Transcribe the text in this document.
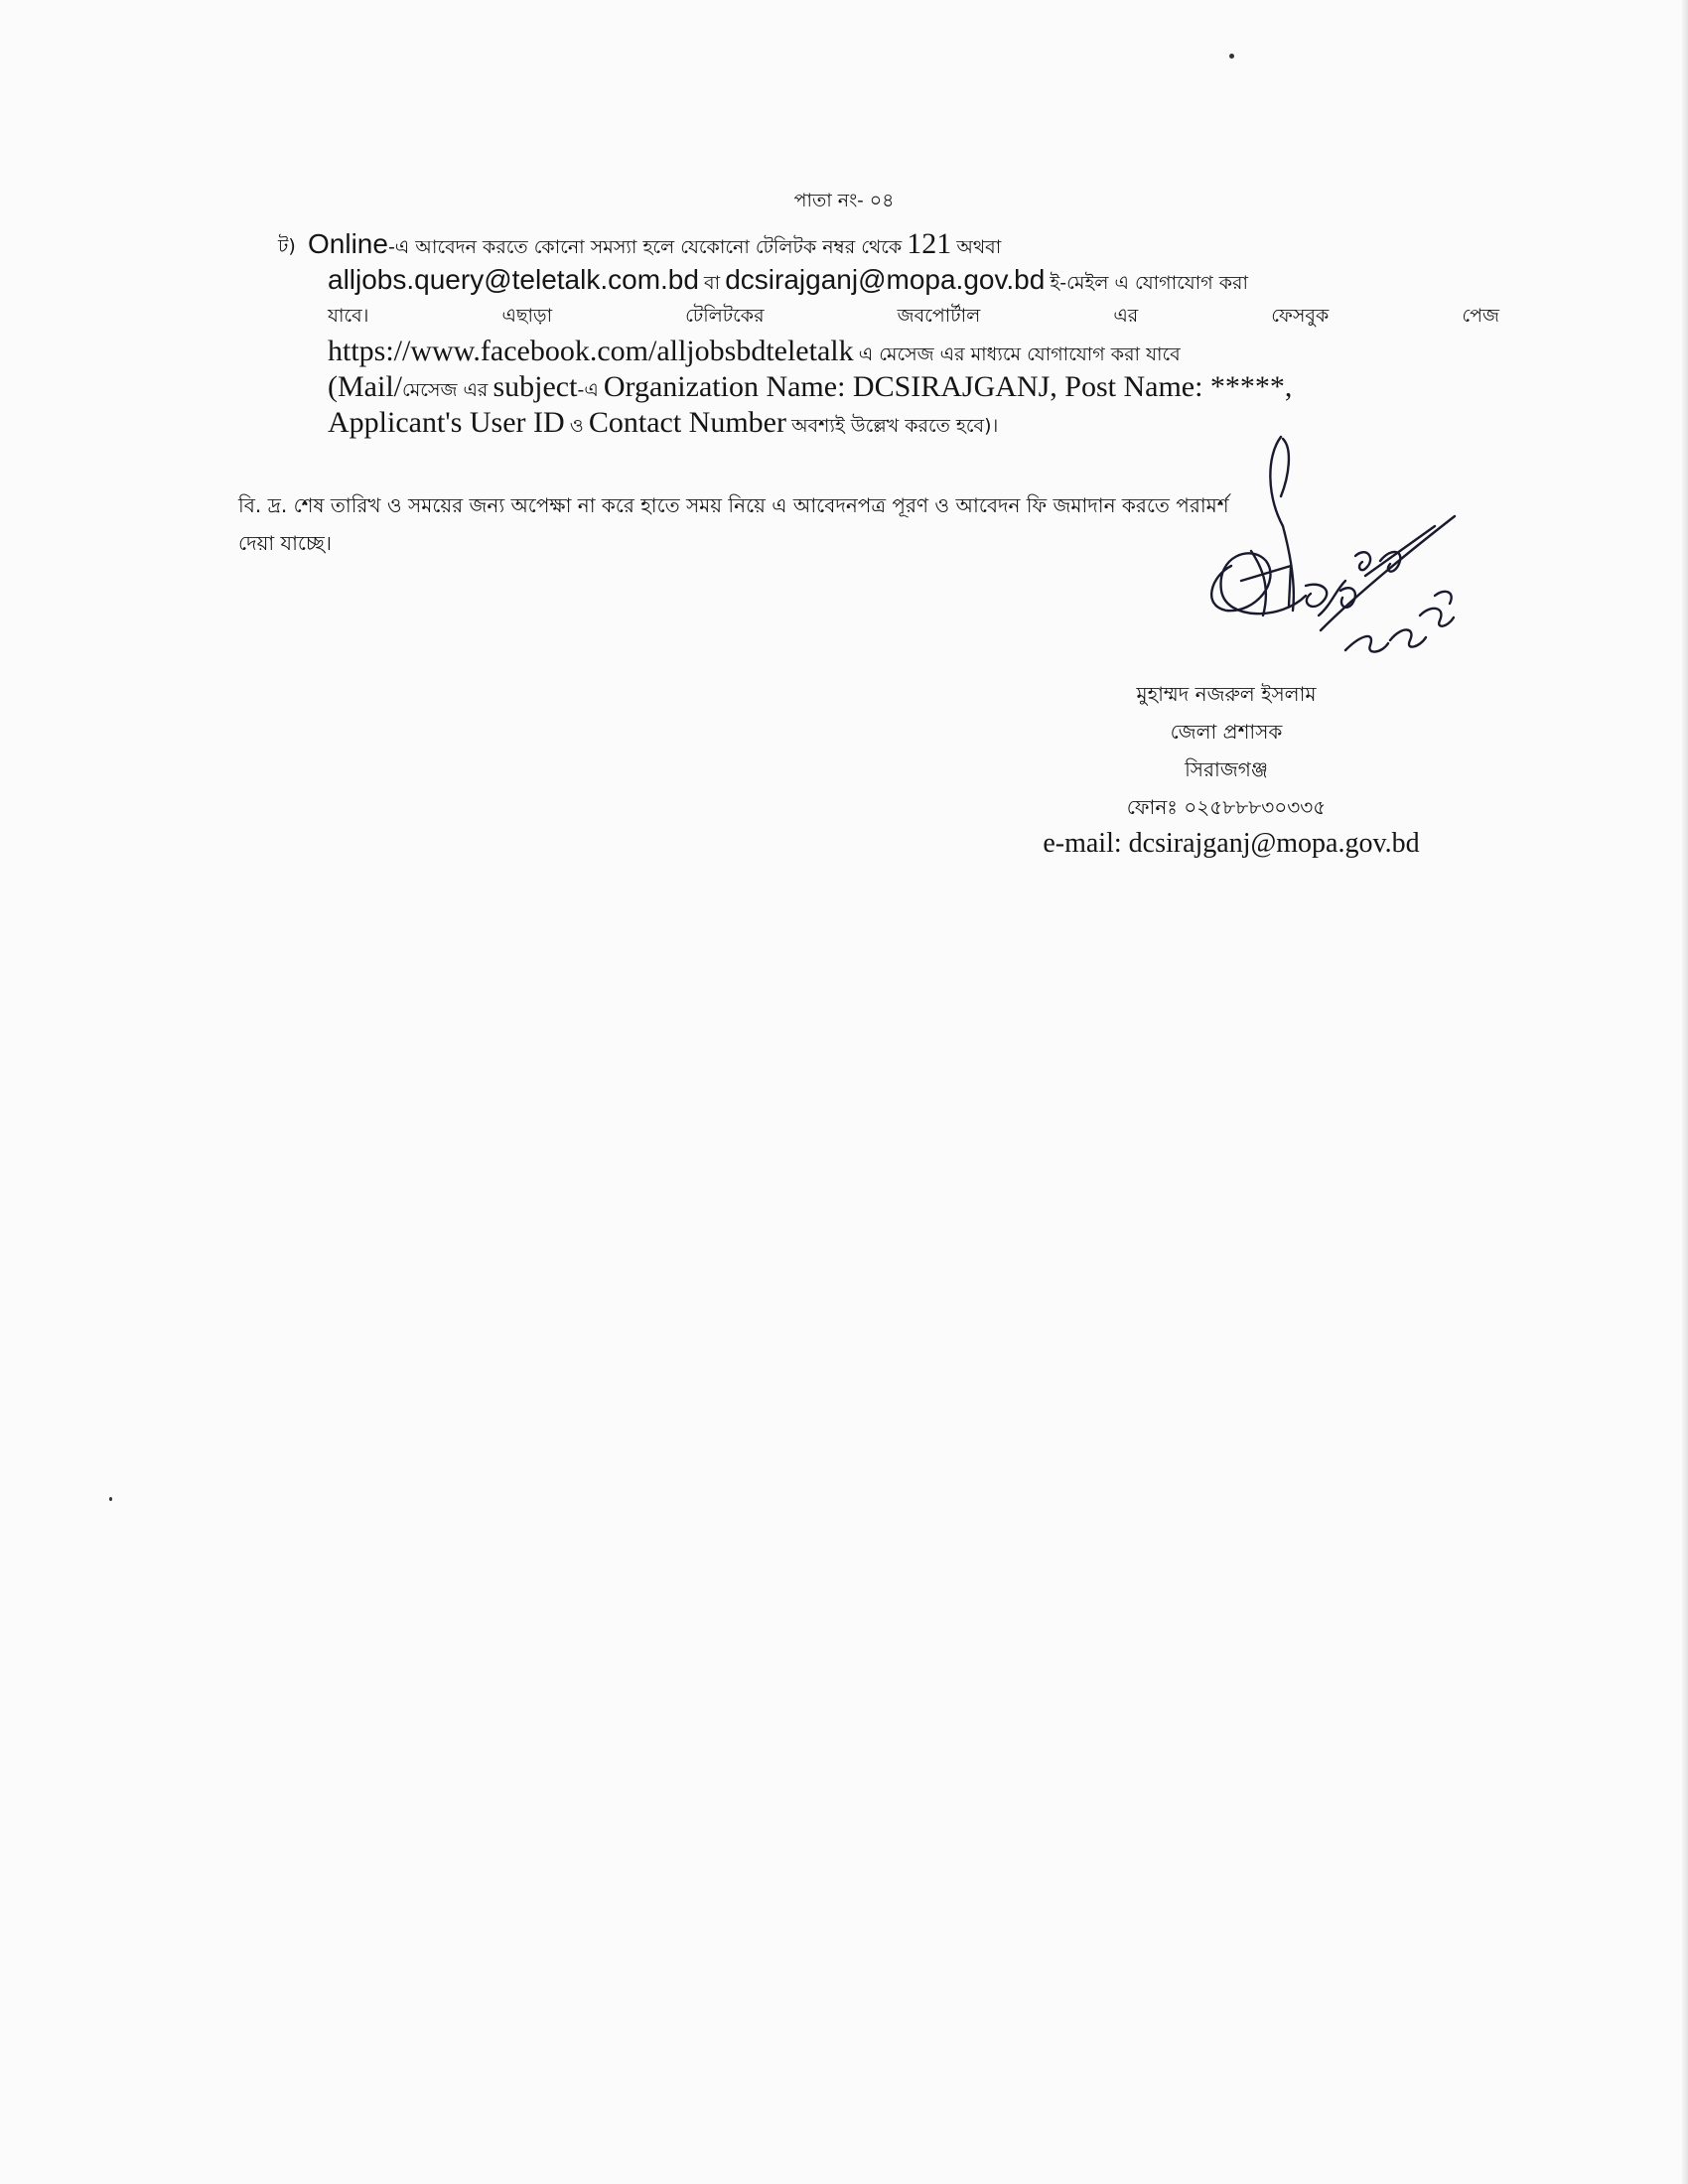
পাতা নং- ০৪
ট) Online-এ আবেদন করতে কোনো সমস্যা হলে যেকোনো টেলিটক নম্বর থেকে 121 অথবা
alljobs.query@teletalk.com.bd বা dcsirajganj@mopa.gov.bd ই-মেইল এ যোগাযোগ করা
যাবে।	এছাড়া	টেলিটকের	জবপোর্টাল	এর	ফেসবুক	পেজ
https://www.facebook.com/alljobsbdteletalk এ মেসেজ এর মাধ্যমে যোগাযোগ করা যাবে
(Mail/মেসেজ এর subject-এ Organization Name: DCSIRAJGANJ, Post Name: *****,
Applicant's User ID ও Contact Number অবশ্যই উল্লেখ করতে হবে)।
বি. দ্র. শেষ তারিখ ও সময়ের জন্য অপেক্ষা না করে হাতে সময় নিয়ে এ আবেদনপত্র পূরণ ও আবেদন ফি জমাদান করতে পরামর্শ
দেয়া যাচ্ছে।
মুহাম্মদ নজরুল ইসলাম
জেলা প্রশাসক
সিরাজগঞ্জ
ফোনঃ ০২৫৮৮৮৩০৩৩৫
e-mail: dcsirajganj@mopa.gov.bd
